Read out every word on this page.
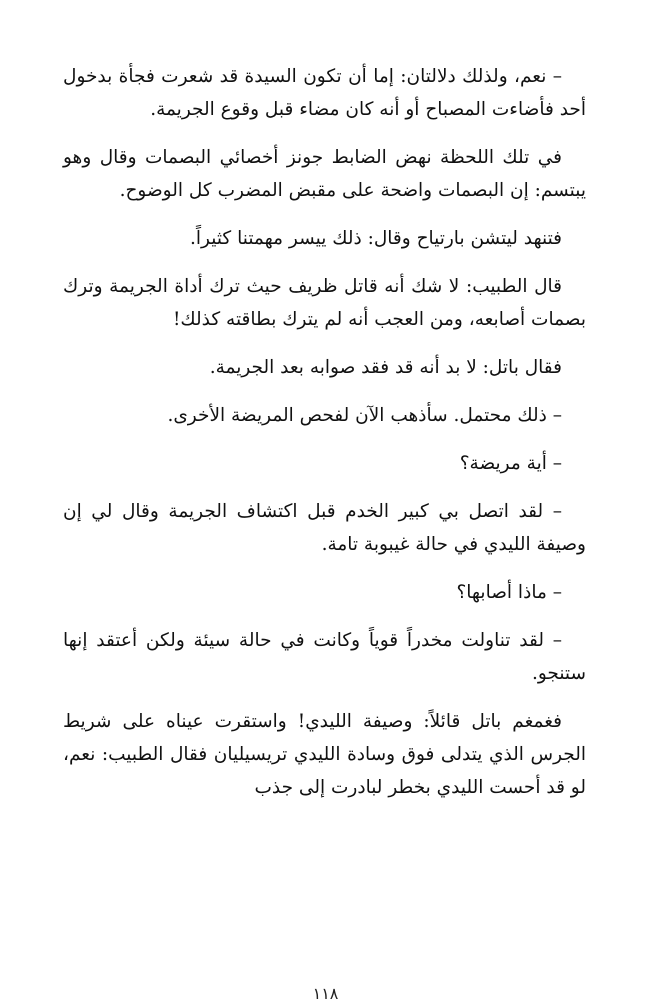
– نعم، ولذلك دلالتان: إما أن تكون السيدة قد شعرت فجأة بدخول أحد فأضاءت المصباح أو أنه كان مضاء قبل وقوع الجريمة.

في تلك اللحظة نهض الضابط جونز أخصائي البصمات وقال وهو يبتسم: إن البصمات واضحة على مقبض المضرب كل الوضوح.

فتنهد ليتشن بارتياح وقال: ذلك ييسر مهمتنا كثيراً.

قال الطبيب: لا شك أنه قاتل ظريف حيث ترك أداة الجريمة وترك بصمات أصابعه، ومن العجب أنه لم يترك بطاقته كذلك!

فقال باتل: لا بد أنه قد فقد صوابه بعد الجريمة.

– ذلك محتمل. سأذهب الآن لفحص المريضة الأخرى.

– أية مريضة؟

– لقد اتصل بي كبير الخدم قبل اكتشاف الجريمة وقال لي إن وصيفة الليدي في حالة غيبوبة تامة.

– ماذا أصابها؟

– لقد تناولت مخدراً قوياً وكانت في حالة سيئة ولكن أعتقد إنها ستنجو.

فغمغم باتل قائلاً: وصيفة الليدي! واستقرت عيناه على شريط الجرس الذي يتدلى فوق وسادة الليدي تريسيليان فقال الطبيب: نعم، لو قد أحست الليدي بخطر لبادرت إلى جذب

١١٨
